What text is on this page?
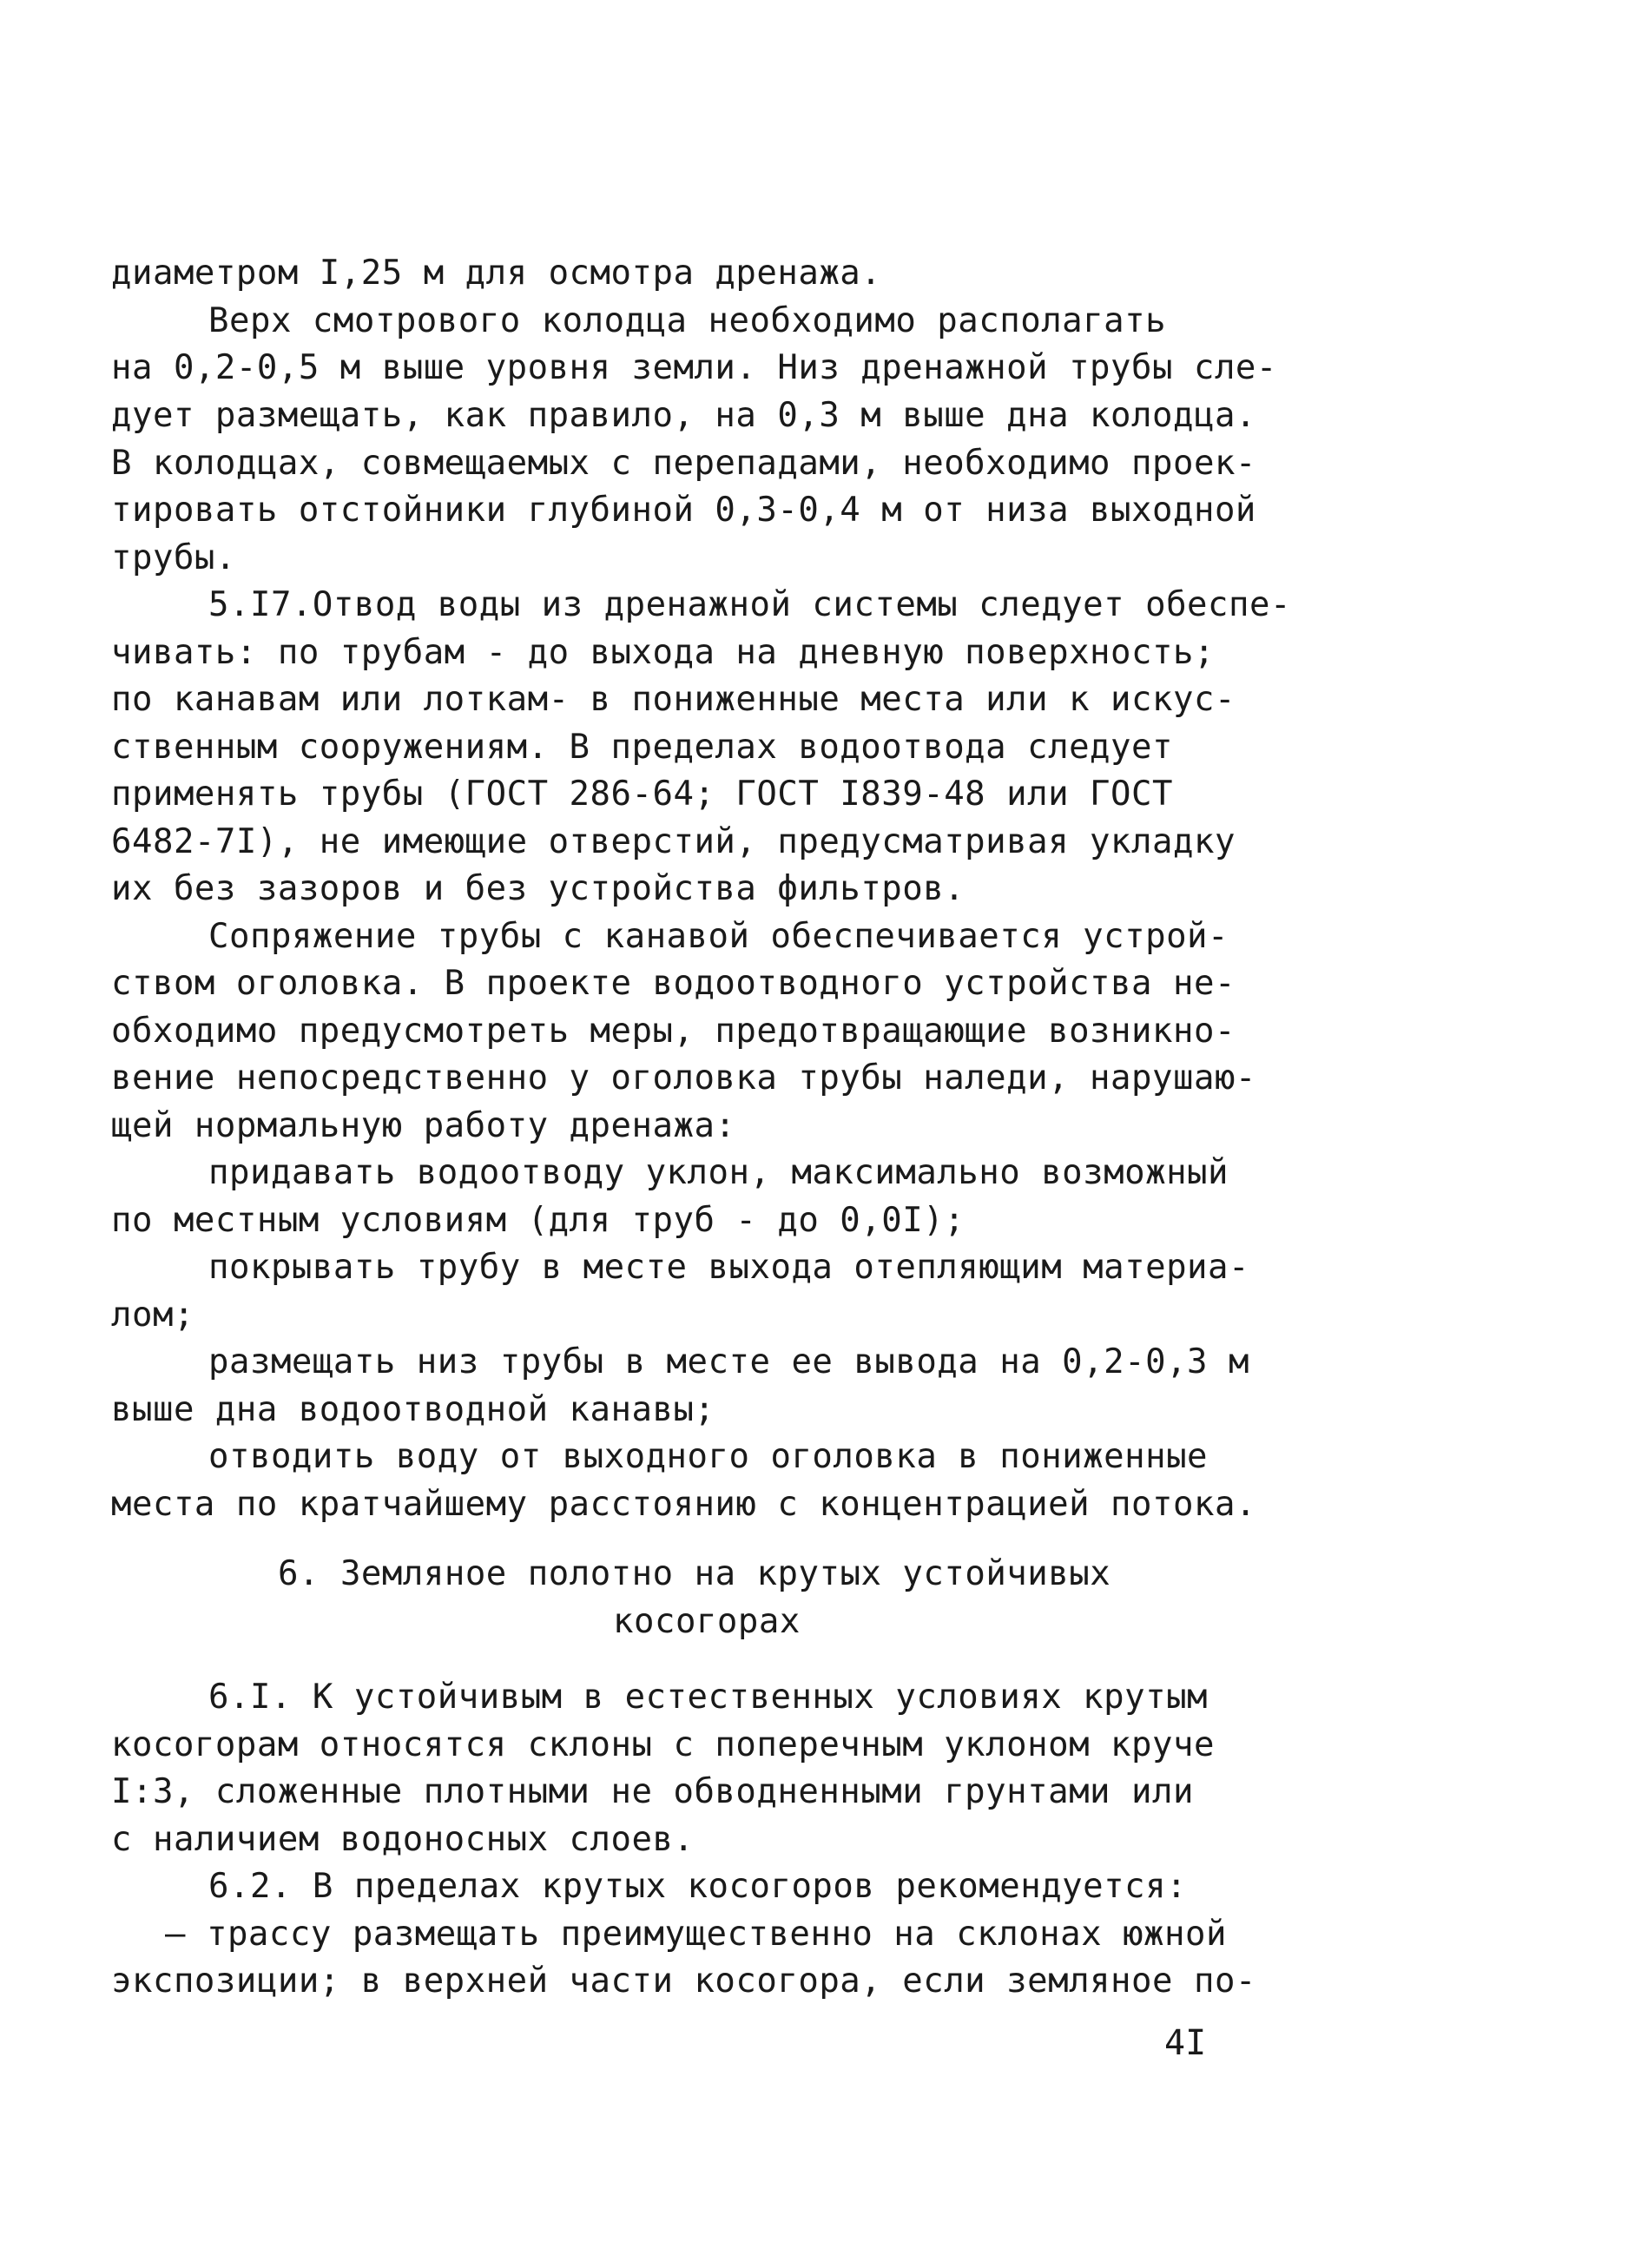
диаметром I,25 м для осмотра дренажа.
Верх смотрового колодца необходимо располагать
на 0,2-0,5 м выше уровня земли. Низ дренажной трубы сле-
дует размещать, как правило, на 0,3 м выше дна колодца.
В колодцах, совмещаемых с перепадами, необходимо проек-
тировать отстойники глубиной 0,3-0,4 м от низа выходной
трубы.
5.I7.Отвод воды из дренажной системы следует обеспе-
чивать: по трубам - до выхода на дневную поверхность;
по канавам или лоткам- в пониженные места или к искус-
ственным сооружениям. В пределах водоотвода следует
применять трубы (ГОСТ 286-64; ГОСТ I839-48 или ГОСТ
6482-7I), не имеющие отверстий, предусматривая укладку
их без зазоров и без устройства фильтров.
Сопряжение трубы с канавой обеспечивается устрой-
ством оголовка. В проекте водоотводного устройства не-
обходимо предусмотреть меры, предотвращающие возникно-
вение непосредственно у оголовка трубы наледи, нарушаю-
щей нормальную работу дренажа:
придавать водоотводу уклон, максимально возможный
по местным условиям (для труб - до 0,0I);
покрывать трубу в месте выхода отепляющим материа-
лом;
размещать низ трубы в месте ее вывода на 0,2-0,3 м
выше дна водоотводной канавы;
отводить воду от выходного оголовка в пониженные
места по кратчайшему расстоянию с концентрацией потока.
6. Земляное полотно на крутых устойчивых
косогорах
6.I. К устойчивым в естественных условиях крутым
косогорам относятся склоны с поперечным уклоном круче
I:3, сложенные плотными не обводненными грунтами или
с наличием водоносных слоев.
6.2. В пределах крутых косогоров рекомендуется:
– трассу размещать преимущественно на склонах южной
экспозиции; в верхней части косогора, если земляное по-
4I
